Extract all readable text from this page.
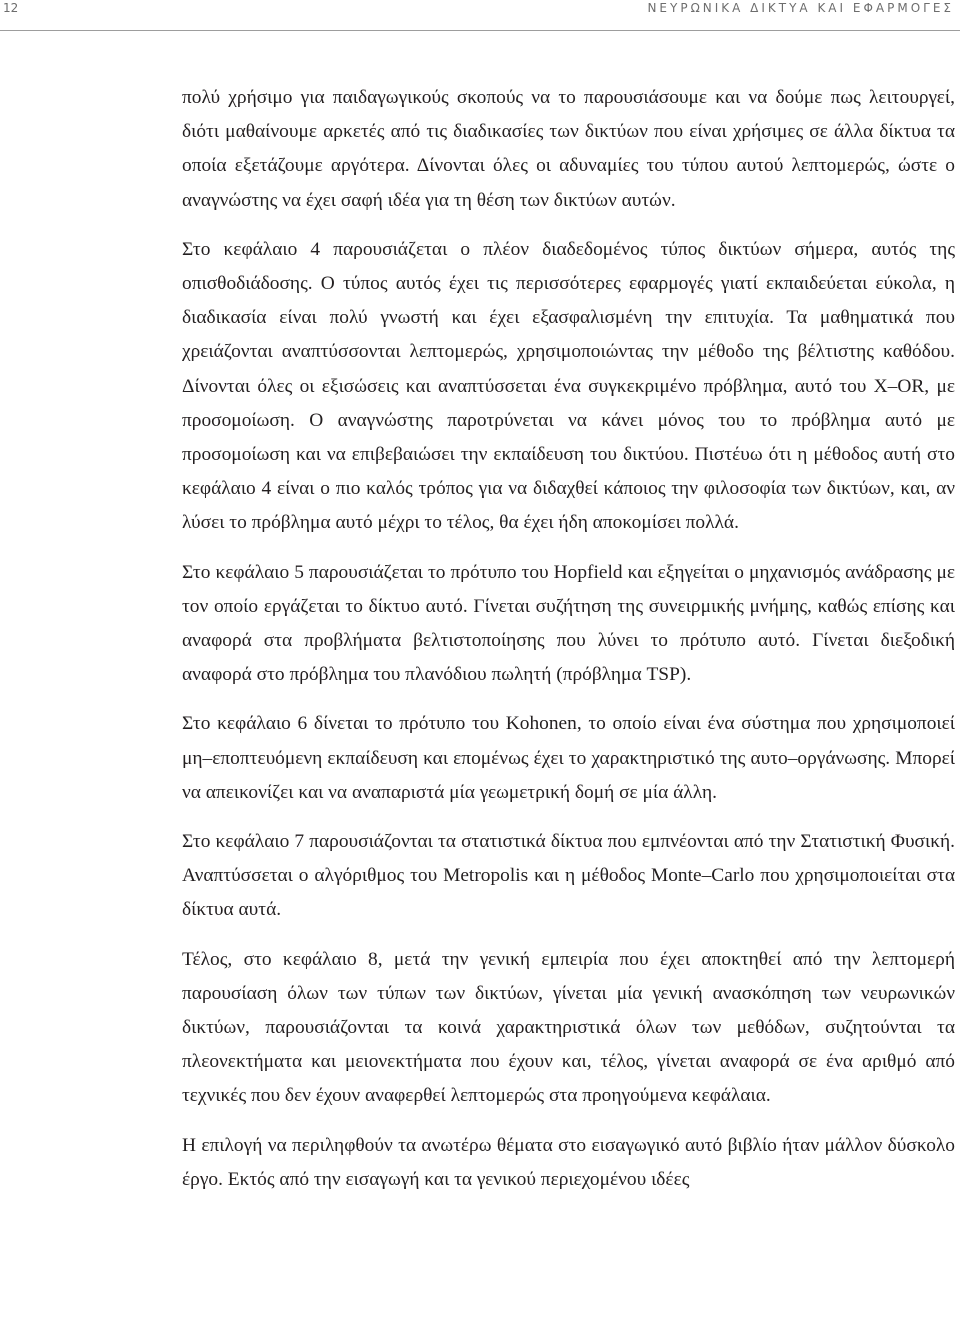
12	ΝΕΥΡΩΝΙΚΑ ΔΙΚΤΥΑ ΚΑΙ ΕΦΑΡΜΟΓΕΣ

πολύ χρήσιμο για παιδαγωγικούς σκοπούς να το παρουσιάσουμε και να δούμε πως λειτουργεί, διότι μαθαίνουμε αρκετές από τις διαδικασίες των δικτύων που είναι χρήσιμες σε άλλα δίκτυα τα οποία εξετάζουμε αργότερα. Δίνονται όλες οι αδυναμίες του τύπου αυτού λεπτομερώς, ώστε ο αναγνώστης να έχει σαφή ιδέα για τη θέση των δικτύων αυτών.

Στο κεφάλαιο 4 παρουσιάζεται ο πλέον διαδεδομένος τύπος δικτύων σήμερα, αυτός της οπισθοδιάδοσης. Ο τύπος αυτός έχει τις περισσότερες εφαρμογές γιατί εκπαιδεύεται εύκολα, η διαδικασία είναι πολύ γνωστή και έχει εξασφαλισμένη την επιτυχία. Τα μαθηματικά που χρειάζονται αναπτύσσονται λεπτομερώς, χρησιμοποιώντας την μέθοδο της βέλτιστης καθόδου. Δίνονται όλες οι εξισώσεις και αναπτύσσεται ένα συγκεκριμένο πρόβλημα, αυτό του X–OR, με προσομοίωση. Ο αναγνώστης παροτρύνεται να κάνει μόνος του το πρόβλημα αυτό με προσομοίωση και να επιβεβαιώσει την εκπαίδευση του δικτύου. Πιστέυω ότι η μέθοδος αυτή στο κεφάλαιο 4 είναι ο πιο καλός τρόπος για να διδαχθεί κάποιος την φιλοσοφία των δικτύων, και, αν λύσει το πρόβλημα αυτό μέχρι το τέλος, θα έχει ήδη αποκομίσει πολλά.

Στο κεφάλαιο 5 παρουσιάζεται το πρότυπο του Hopfield και εξηγείται ο μηχανισμός ανάδρασης με τον οποίο εργάζεται το δίκτυο αυτό. Γίνεται συζήτηση της συνειρμικής μνήμης, καθώς επίσης και αναφορά στα προβλήματα βελτιστοποίησης που λύνει το πρότυπο αυτό. Γίνεται διεξοδική αναφορά στο πρόβλημα του πλανόδιου πωλητή (πρόβλημα TSP).

Στο κεφάλαιο 6 δίνεται το πρότυπο του Kohonen, το οποίο είναι ένα σύστημα που χρησιμοποιεί μη–εποπτευόμενη εκπαίδευση και επομένως έχει το χαρακτηριστικό της αυτο–οργάνωσης. Μπορεί να απεικονίζει και να αναπαριστά μία γεωμετρική δομή σε μία άλλη.

Στο κεφάλαιο 7 παρουσιάζονται τα στατιστικά δίκτυα που εμπνέονται από την Στατιστική Φυσική. Αναπτύσσεται ο αλγόριθμος του Metropolis και η μέθοδος Monte–Carlo που χρησιμοποιείται στα δίκτυα αυτά.

Τέλος, στο κεφάλαιο 8, μετά την γενική εμπειρία που έχει αποκτηθεί από την λεπτομερή παρουσίαση όλων των τύπων των δικτύων, γίνεται μία γενική ανασκόπηση των νευρωνικών δικτύων, παρουσιάζονται τα κοινά χαρακτηριστικά όλων των μεθόδων, συζητούνται τα πλεονεκτήματα και μειονεκτήματα που έχουν και, τέλος, γίνεται αναφορά σε ένα αριθμό από τεχνικές που δεν έχουν αναφερθεί λεπτομερώς στα προηγούμενα κεφάλαια.

Η επιλογή να περιληφθούν τα ανωτέρω θέματα στο εισαγωγικό αυτό βιβλίο ήταν μάλλον δύσκολο έργο. Εκτός από την εισαγωγή και τα γενικού περιεχομένου ιδέες
